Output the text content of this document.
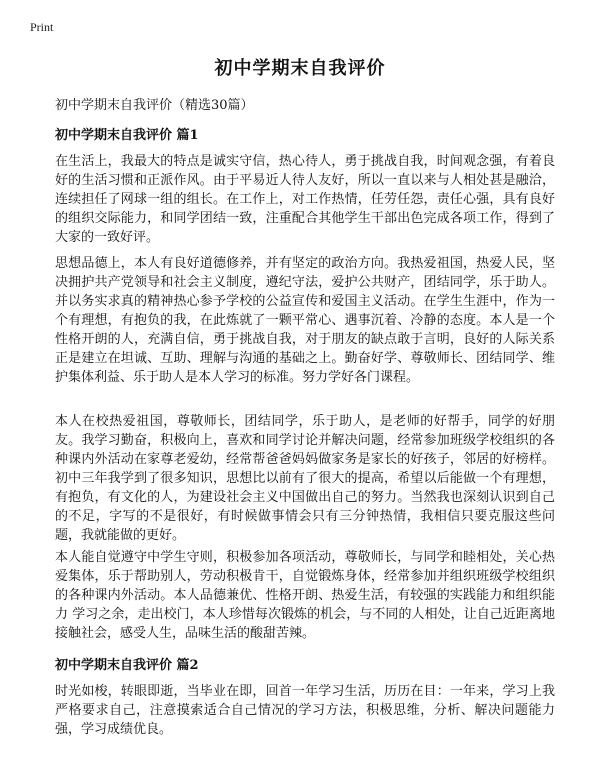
Print
初中学期末自我评价
初中学期末自我评价（精选30篇）
初中学期末自我评价 篇1

在生活上，我最大的特点是诚实守信，热心待人，勇于挑战自我，时间观念强，有着良好的生活习惯和正派作风。由于平易近人待人友好，所以一直以来与人相处甚是融洽，连续担任了网球一组的组长。在工作上，对工作热情，任劳任怨，责任心强，具有良好的组织交际能力，和同学团结一致，注重配合其他学生干部出色完成各项工作，得到了大家的一致好评。

思想品德上，本人有良好道德修养，并有坚定的政治方向。我热爱祖国，热爱人民，坚决拥护共产党领导和社会主义制度，遵纪守法，爱护公共财产，团结同学，乐于助人。并以务实求真的精神热心参予学校的公益宣传和爱国主义活动。在学生生涯中，作为一个有理想，有抱负的我，在此炼就了一颗平常心、遇事沉着、冷静的态度。本人是一个性格开朗的人，充满自信，勇于挑战自我，对于朋友的缺点敢于言明，良好的人际关系正是建立在坦诚、互助、理解与沟通的基础之上。勤奋好学、尊敬师长、团结同学、维护集体利益、乐于助人是本人学习的标准。努力学好各门课程。

本人在校热爱祖国，尊敬师长，团结同学，乐于助人，是老师的好帮手，同学的好朋友。我学习勤奋，积极向上，喜欢和同学讨论并解决问题，经常参加班级学校组织的各种课内外活动在家尊老爱幼，经常帮爸爸妈妈做家务是家长的好孩子，邻居的好榜样。初中三年我学到了很多知识，思想比以前有了很大的提高，希望以后能做一个有理想，有抱负，有文化的人，为建设社会主义中国做出自己的努力。当然我也深刻认识到自己的不足，字写的不是很好，有时候做事情会只有三分钟热情，我相信只要克服这些问题，我就能做的更好。

本人能自觉遵守中学生守则，积极参加各项活动，尊敬师长，与同学和睦相处，关心热爱集体，乐于帮助别人，劳动积极肯干，自觉锻炼身体，经常参加并组织班级学校组织的各种课内外活动。本人品德兼优、性格开朗、热爱生活，有较强的实践能力和组织能力 学习之余，走出校门，本人珍惜每次锻炼的机会，与不同的人相处，让自己近距离地接触社会，感受人生，品味生活的酸甜苦辣。

初中学期末自我评价 篇2

时光如梭，转眼即逝，当毕业在即，回首一年学习生活，历历在目：一年来，学习上我严格要求自己，注意摸索适合自己情况的学习方法，积极思维，分析、解决问题能力强，学习成绩优良。
